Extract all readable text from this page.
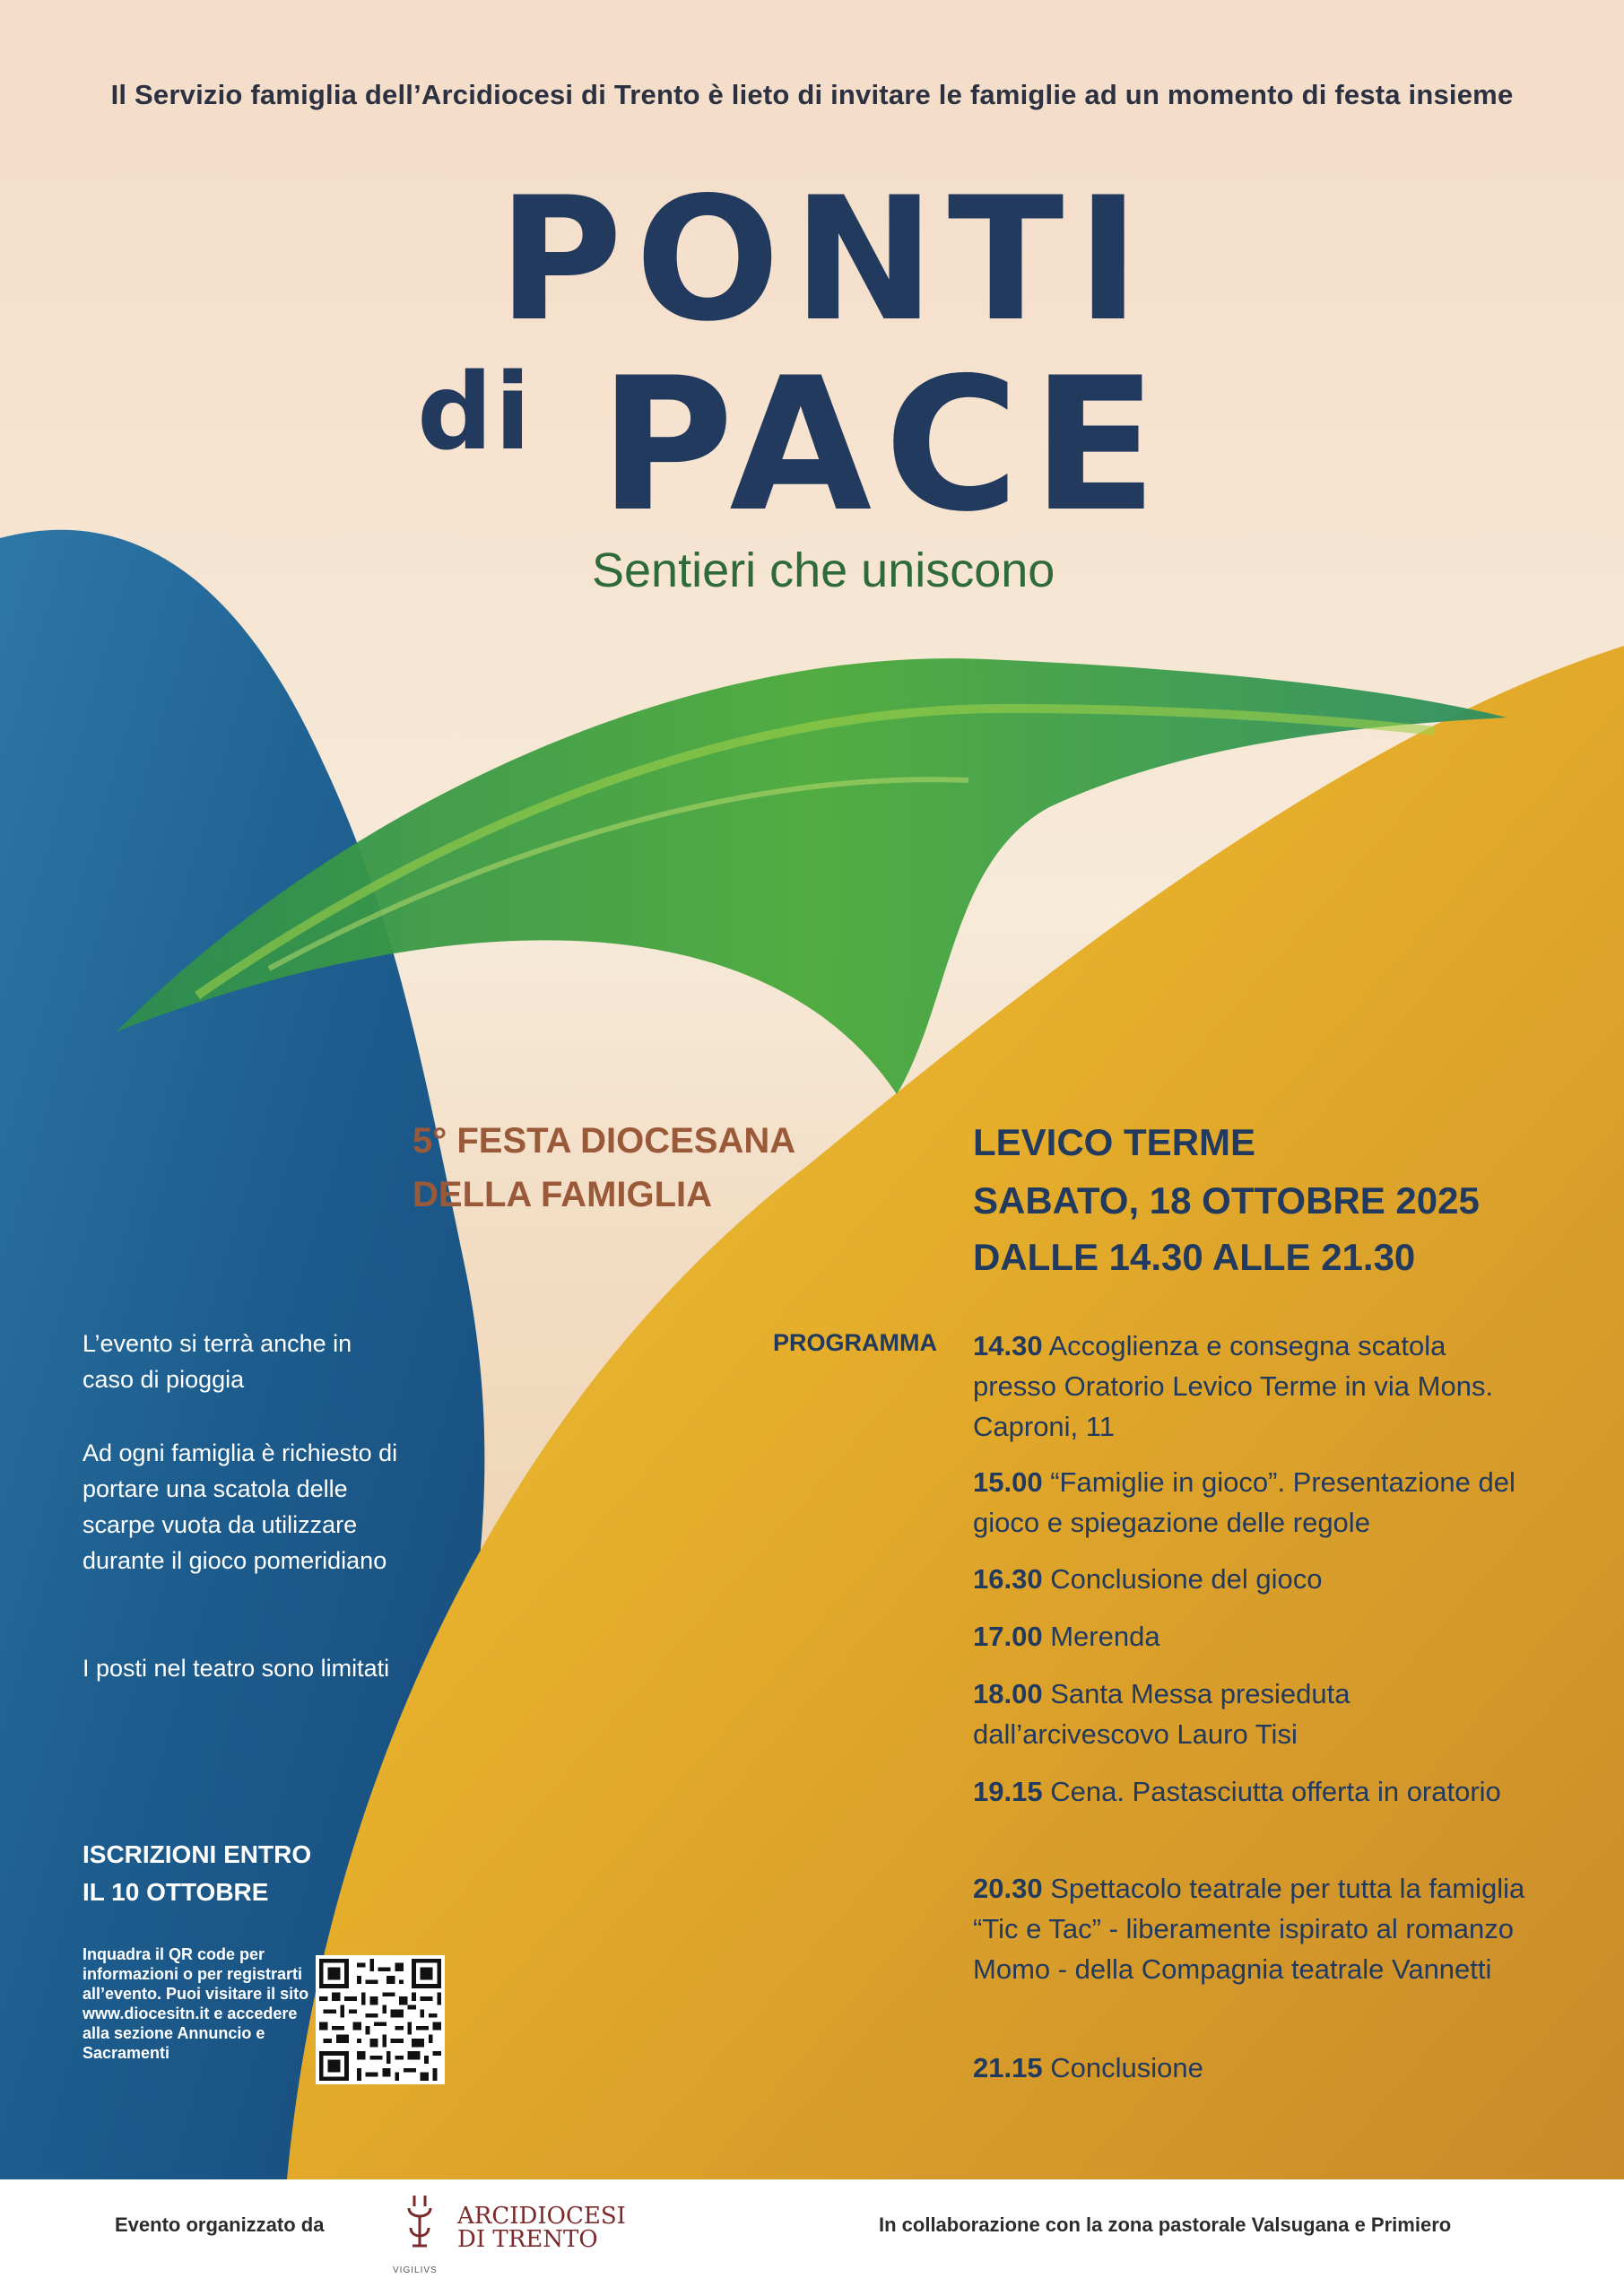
Il Servizio famiglia dell’Arcidiocesi di Trento è lieto di invitare le famiglie ad un momento di festa insieme

PONTI
di PACE
Sentieri che uniscono
5° FESTA DIOCESANA
DELLA FAMIGLIA
LEVICO TERME
SABATO, 18 OTTOBRE 2025
DALLE 14.30 ALLE 21.30

L’evento si terrà anche in caso di pioggia

Ad ogni famiglia è richiesto di portare una scatola delle scarpe vuota da utilizzare durante il gioco pomeridiano

I posti nel teatro sono limitati

ISCRIZIONI ENTRO
IL 10 OTTOBRE

Inquadra il QR code per informazioni o per registrarti all’evento. Puoi visitare il sito www.diocesitn.it e accedere alla sezione Annuncio e Sacramenti

PROGRAMMA 14.30 Accoglienza e consegna scatola presso Oratorio Levico Terme in via Mons. Caproni, 11

15.00 “Famiglie in gioco”. Presentazione del gioco e spiegazione delle regole

16.30 Conclusione del gioco

17.00 Merenda

18.00 Santa Messa presieduta dall’arcivescovo Lauro Tisi

19.15 Cena. Pastasciutta offerta in oratorio

20.30 Spettacolo teatrale per tutta la famiglia “Tic e Tac” - liberamente ispirato al romanzo Momo - della Compagnia teatrale Vannetti

21.15 Conclusione

Evento organizzato da	ARCIDIOCESI
DI TRENTO
VIGILIVS
In collaborazione con la zona pastorale Valsugana e Primiero
